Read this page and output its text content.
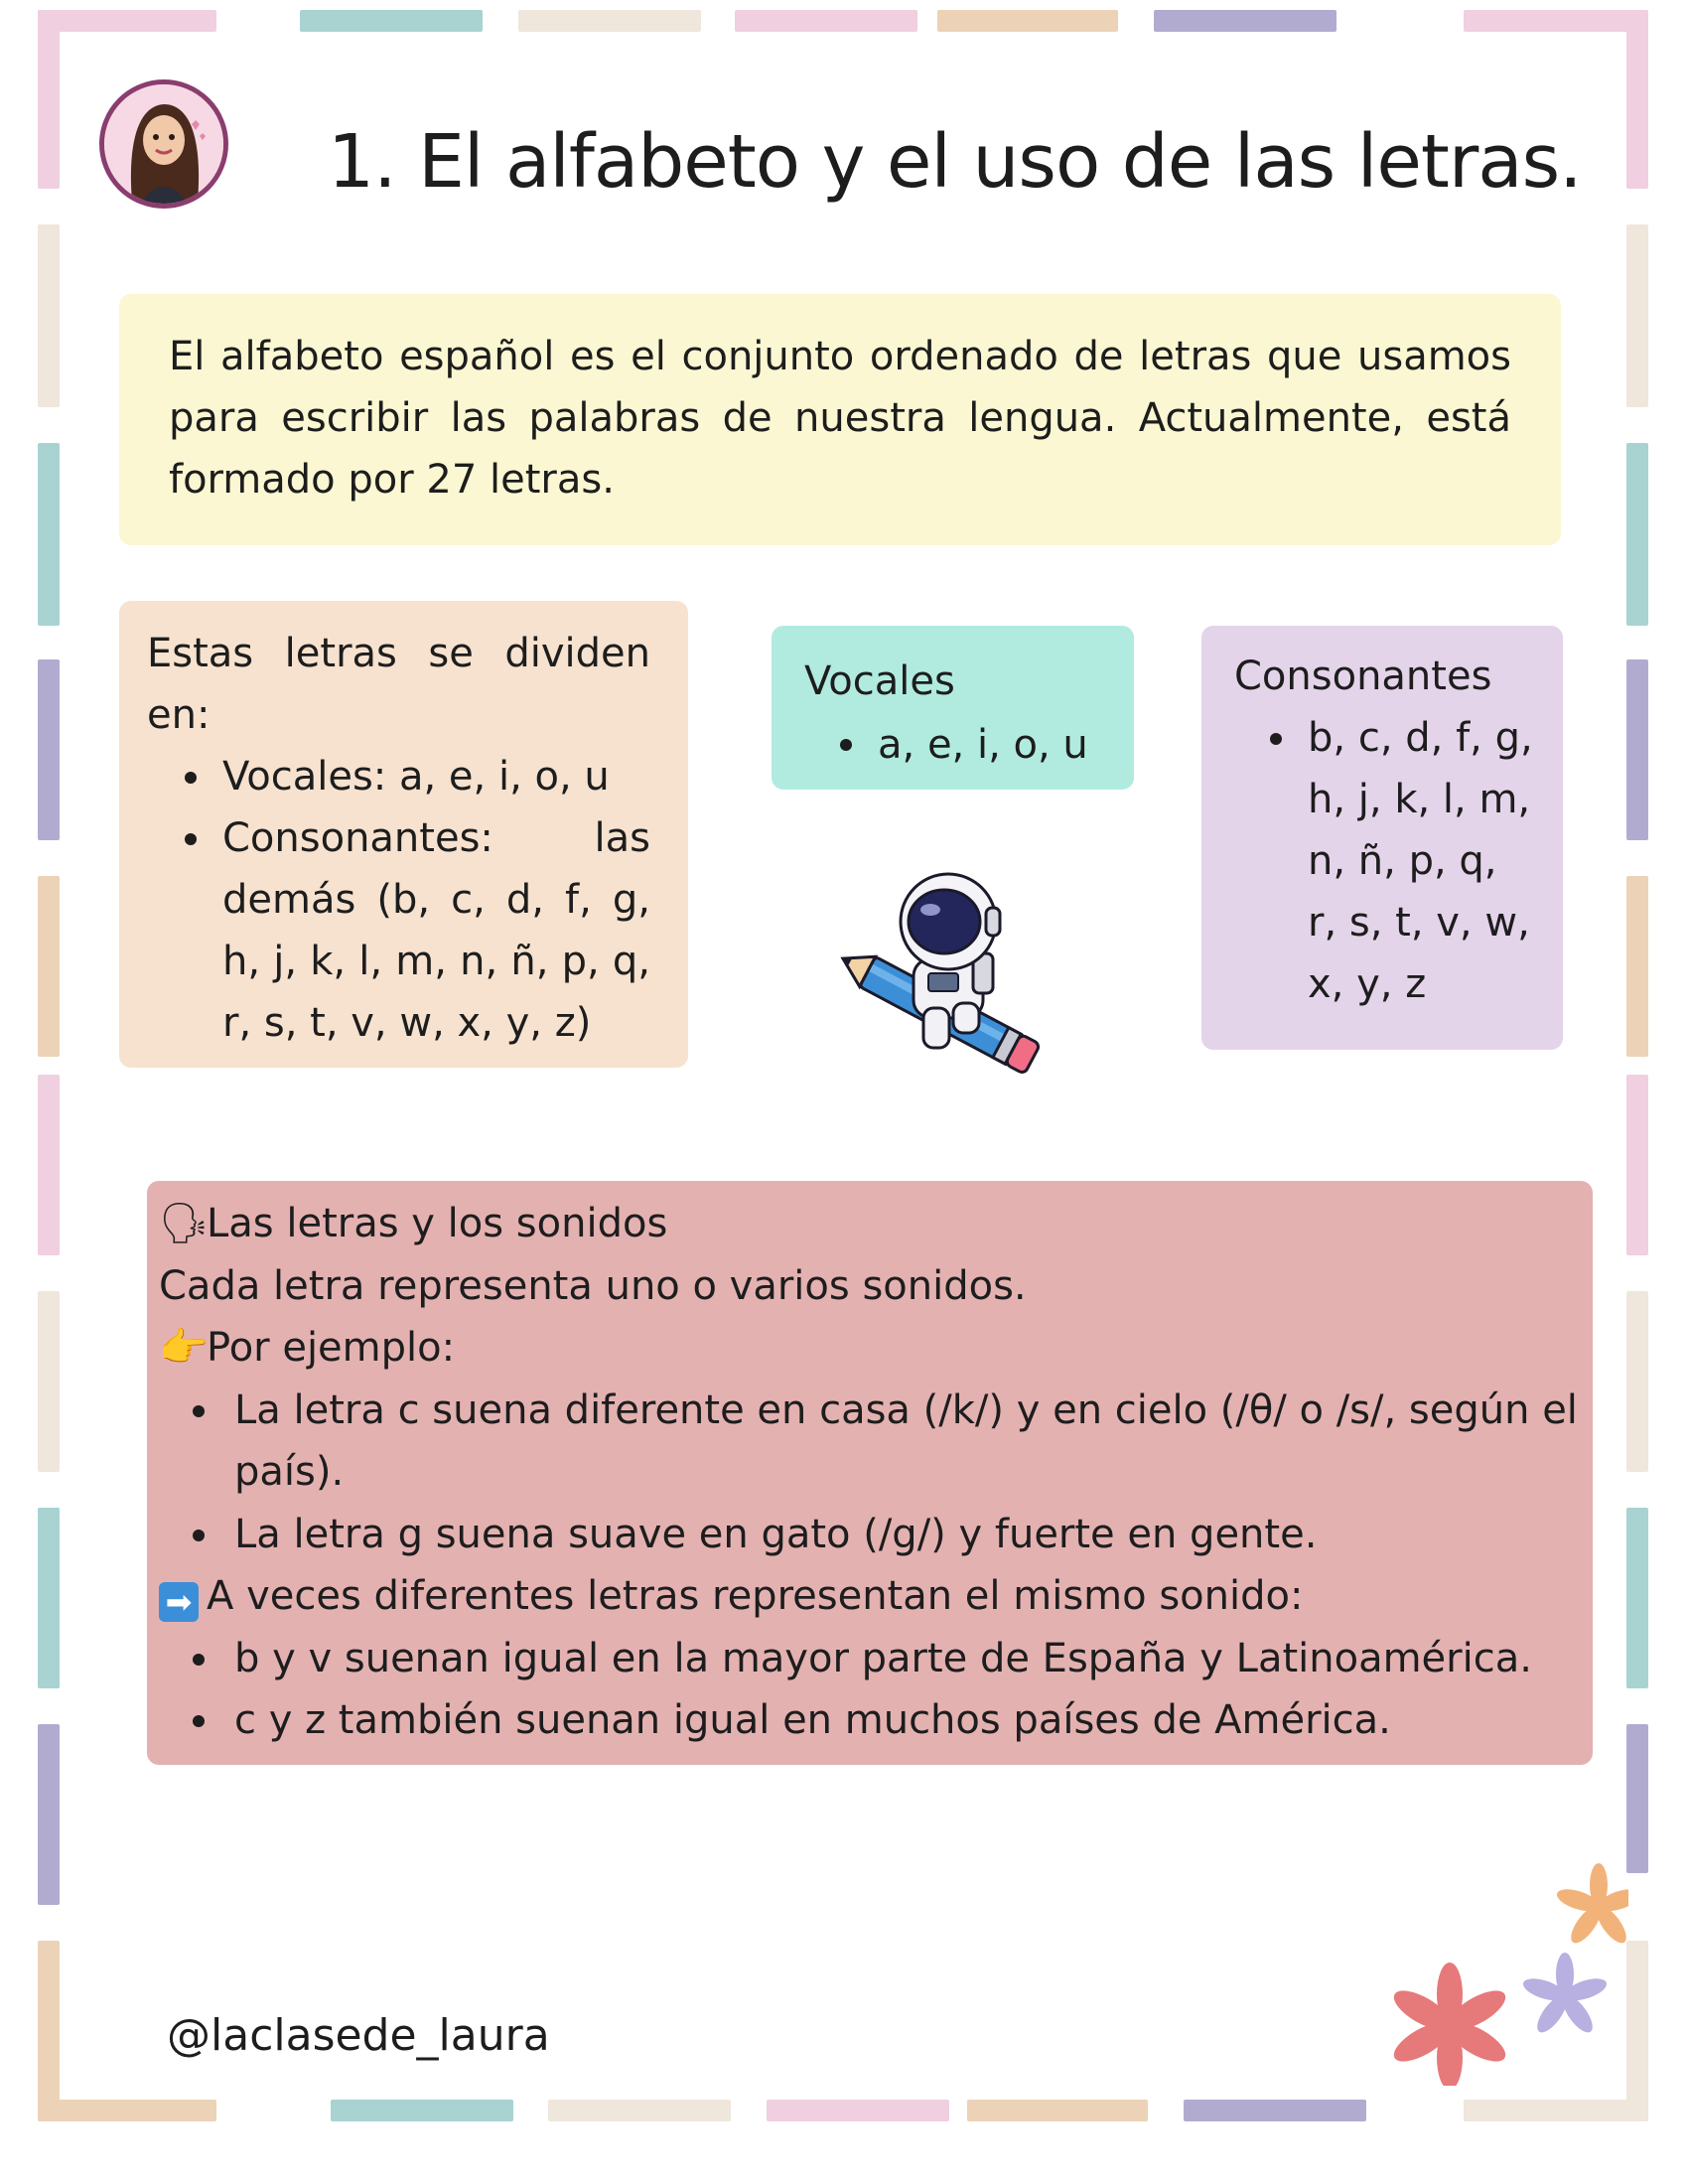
1. El alfabeto y el uso de las letras.
El alfabeto español es el conjunto ordenado de letras que usamos para escribir las palabras de nuestra lengua. Actualmente, está formado por 27 letras.
Estas letras se dividen en:
Vocales: a, e, i, o, u
Consonantes: las demás (b, c, d, f, g, h, j, k, l, m, n, ñ, p, q, r, s, t, v, w, x, y, z)
Vocales
a, e, i, o, u
Consonantes
b, c, d, f, g, h, j, k, l, m, n, ñ, p, q, r, s, t, v, w, x, y, z
🗣Las letras y los sonidos
Cada letra representa uno o varios sonidos.
👉Por ejemplo:
La letra c suena diferente en casa (/k/) y en cielo (/θ/ o /s/, según el país).
La letra g suena suave en gato (/g/) y fuerte en gente.
➡ A veces diferentes letras representan el mismo sonido:
b y v suenan igual en la mayor parte de España y Latinoamérica.
c y z también suenan igual en muchos países de América.
@laclasede_laura
